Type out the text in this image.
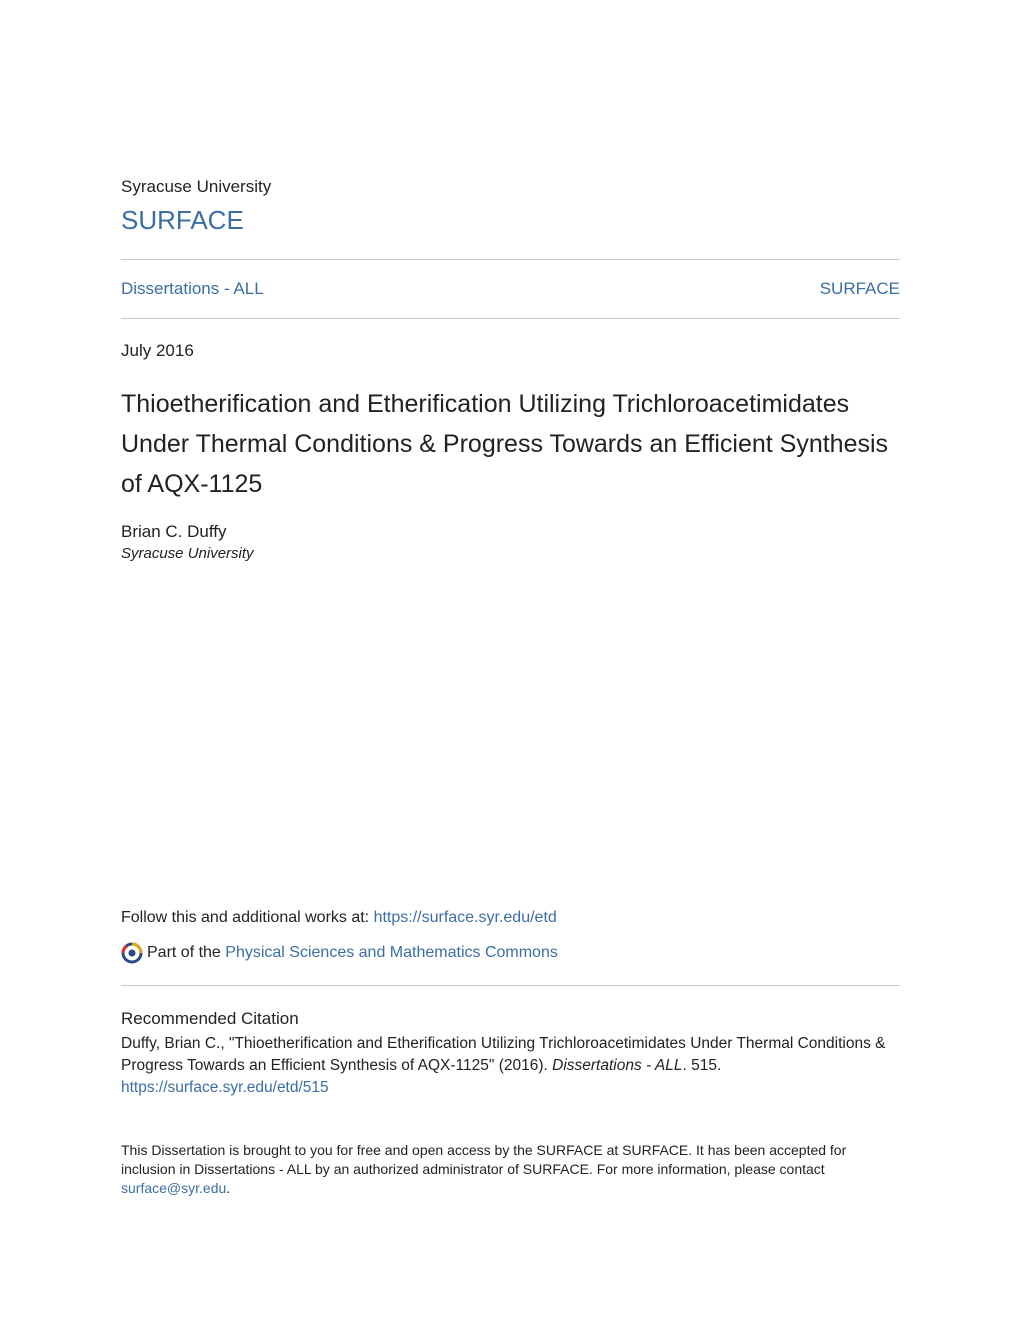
Syracuse University
SURFACE
Dissertations - ALL	SURFACE
July 2016
Thioetherification and Etherification Utilizing Trichloroacetimidates Under Thermal Conditions & Progress Towards an Efficient Synthesis of AQX-1125
Brian C. Duffy
Syracuse University
Follow this and additional works at: https://surface.syr.edu/etd
Part of the Physical Sciences and Mathematics Commons
Recommended Citation
Duffy, Brian C., "Thioetherification and Etherification Utilizing Trichloroacetimidates Under Thermal Conditions & Progress Towards an Efficient Synthesis of AQX-1125" (2016). Dissertations - ALL. 515.
https://surface.syr.edu/etd/515
This Dissertation is brought to you for free and open access by the SURFACE at SURFACE. It has been accepted for inclusion in Dissertations - ALL by an authorized administrator of SURFACE. For more information, please contact
surface@syr.edu.
